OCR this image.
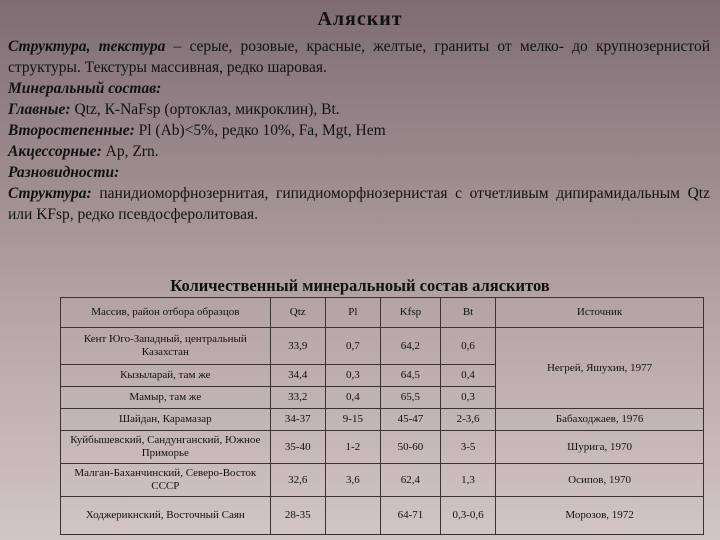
Аляскит

Структура, текстура – серые, розовые, красные, желтые, граниты от мелко- до крупнозернистой структуры. Текстуры массивная, редко шаровая.

Минеральный состав:

Главные: Qtz, К-NaFsp (ортоклаз, микроклин), Bt.

Второстепенные: Pl (Ab)<5%, редко 10%, Fa, Mgt, Hem

Акцессорные: Ap, Zrn.

Разновидности:

Структура: панидиоморфнозернитая, гипидиоморфнозернистая с отчетливым дипирамидальным Qtz или KFsp, редко псевдосферолитовая.

Количественный минеральноый состав аляскитов
Массив, район отбора образцов	Qtz	Pl	Kfsp	Bt	Источник
Кент Юго-Западный, центральный Казахстан	33,9	0,7	64,2	0,6	Негрей, Яшухин, 1977
Кызыларай, там же	34,4	0,3	64,5	0,4	
Мамыр, там же	33,2	0,4	65,5	0,3	
Шайдан, Карамазар	34-37	9-15	45-47	2-3,6	Бабаходжаев, 1976
Куйбышевский, Сандунганский, Южное Приморье	35-40	1-2	50-60	3-5	Шурига, 1970
Малган-Баханчинский, Северо-Восток СССР	32,6	3,6	62,4	1,3	Осипов, 1970
Ходжерикнский, Восточный Саян	28-35		64-71	0,3-0,6	Морозов, 1972
